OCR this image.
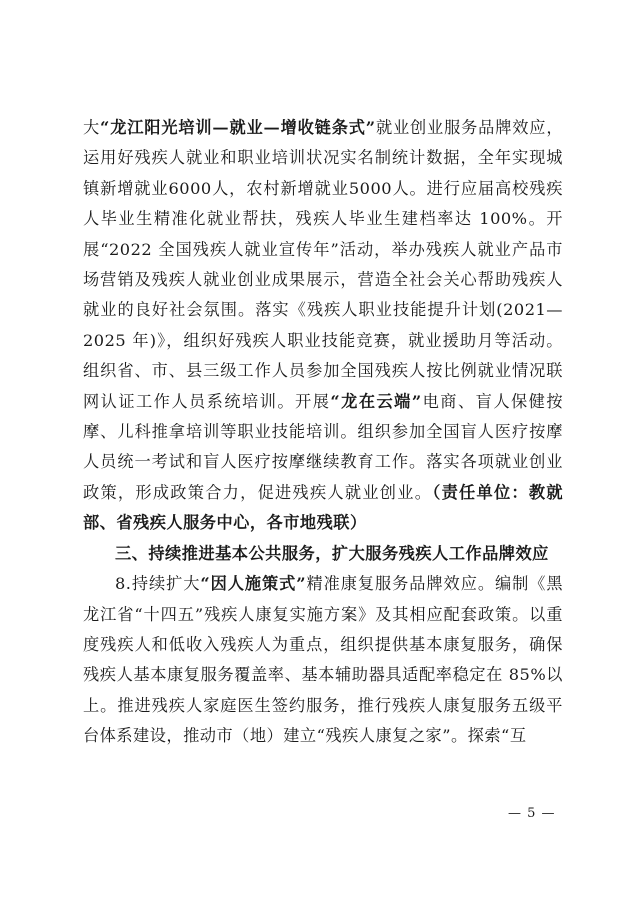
大“龙江阳光培训—就业—增收链条式”就业创业服务品牌效应，运用好残疾人就业和职业培训状况实名制统计数据，全年实现城镇新增就业6000人，农村新增就业5000人。进行应届高校残疾人毕业生精准化就业帮扶，残疾人毕业生建档率达 100%。开展“2022 全国残疾人就业宣传年”活动，举办残疾人就业产品市场营销及残疾人就业创业成果展示，营造全社会关心帮助残疾人就业的良好社会氛围。落实《残疾人职业技能提升计划(2021—2025 年)》，组织好残疾人职业技能竞赛，就业援助月等活动。组织省、市、县三级工作人员参加全国残疾人按比例就业情况联网认证工作人员系统培训。开展“龙在云端”电商、盲人保健按摩、儿科推拿培训等职业技能培训。组织参加全国盲人医疗按摩人员统一考试和盲人医疗按摩继续教育工作。落实各项就业创业政策，形成政策合力，促进残疾人就业创业。（责任单位：教就部、省残疾人服务中心，各市地残联）

三、持续推进基本公共服务，扩大服务残疾人工作品牌效应

8.持续扩大“因人施策式”精准康复服务品牌效应。编制《黑龙江省“十四五”残疾人康复实施方案》及其相应配套政策。以重度残疾人和低收入残疾人为重点，组织提供基本康复服务，确保残疾人基本康复服务覆盖率、基本辅助器具适配率稳定在 85%以上。推进残疾人家庭医生签约服务，推行残疾人康复服务五级平台体系建设，推动市（地）建立“残疾人康复之家”。探索“互

— 5 —
